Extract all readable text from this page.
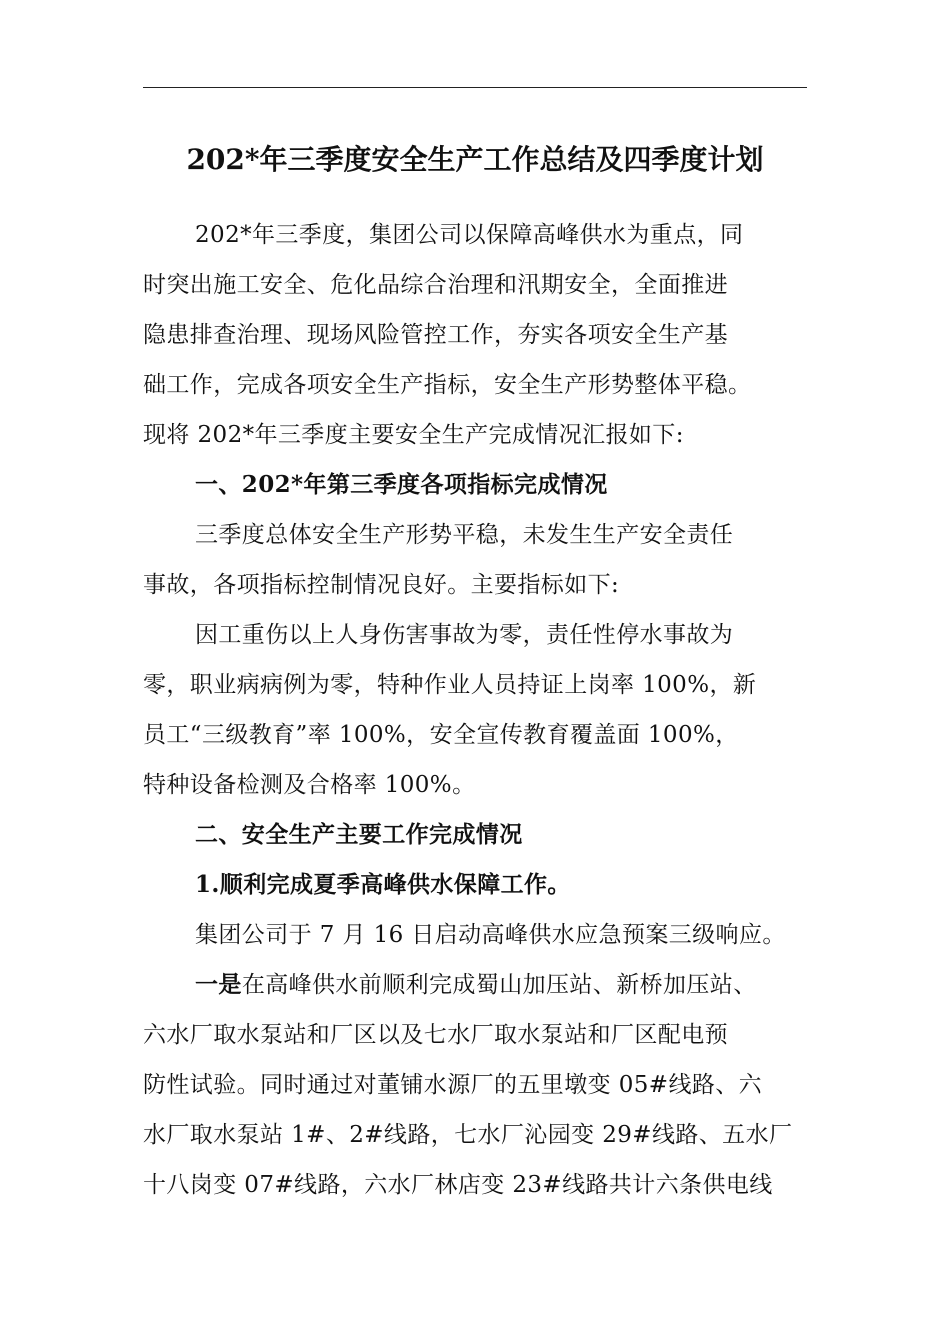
202*年三季度安全生产工作总结及四季度计划
202*年三季度，集团公司以保障高峰供水为重点，同
时突出施工安全、危化品综合治理和汛期安全，全面推进
隐患排查治理、现场风险管控工作，夯实各项安全生产基
础工作，完成各项安全生产指标，安全生产形势整体平稳。
现将 202*年三季度主要安全生产完成情况汇报如下:
一、202*年第三季度各项指标完成情况
三季度总体安全生产形势平稳，未发生生产安全责任
事故，各项指标控制情况良好。主要指标如下:
因工重伤以上人身伤害事故为零，责任性停水事故为
零，职业病病例为零，特种作业人员持证上岗率 100%，新
员工“三级教育”率 100%，安全宣传教育覆盖面 100%，
特种设备检测及合格率 100%。
二、安全生产主要工作完成情况
1.顺利完成夏季高峰供水保障工作。
集团公司于 7 月 16 日启动高峰供水应急预案三级响应。
一是在高峰供水前顺利完成蜀山加压站、新桥加压站、
六水厂取水泵站和厂区以及七水厂取水泵站和厂区配电预
防性试验。同时通过对董铺水源厂的五里墩变 05#线路、六
水厂取水泵站 1#、2#线路，七水厂沁园变 29#线路、五水厂
十八岗变 07#线路，六水厂林店变 23#线路共计六条供电线
